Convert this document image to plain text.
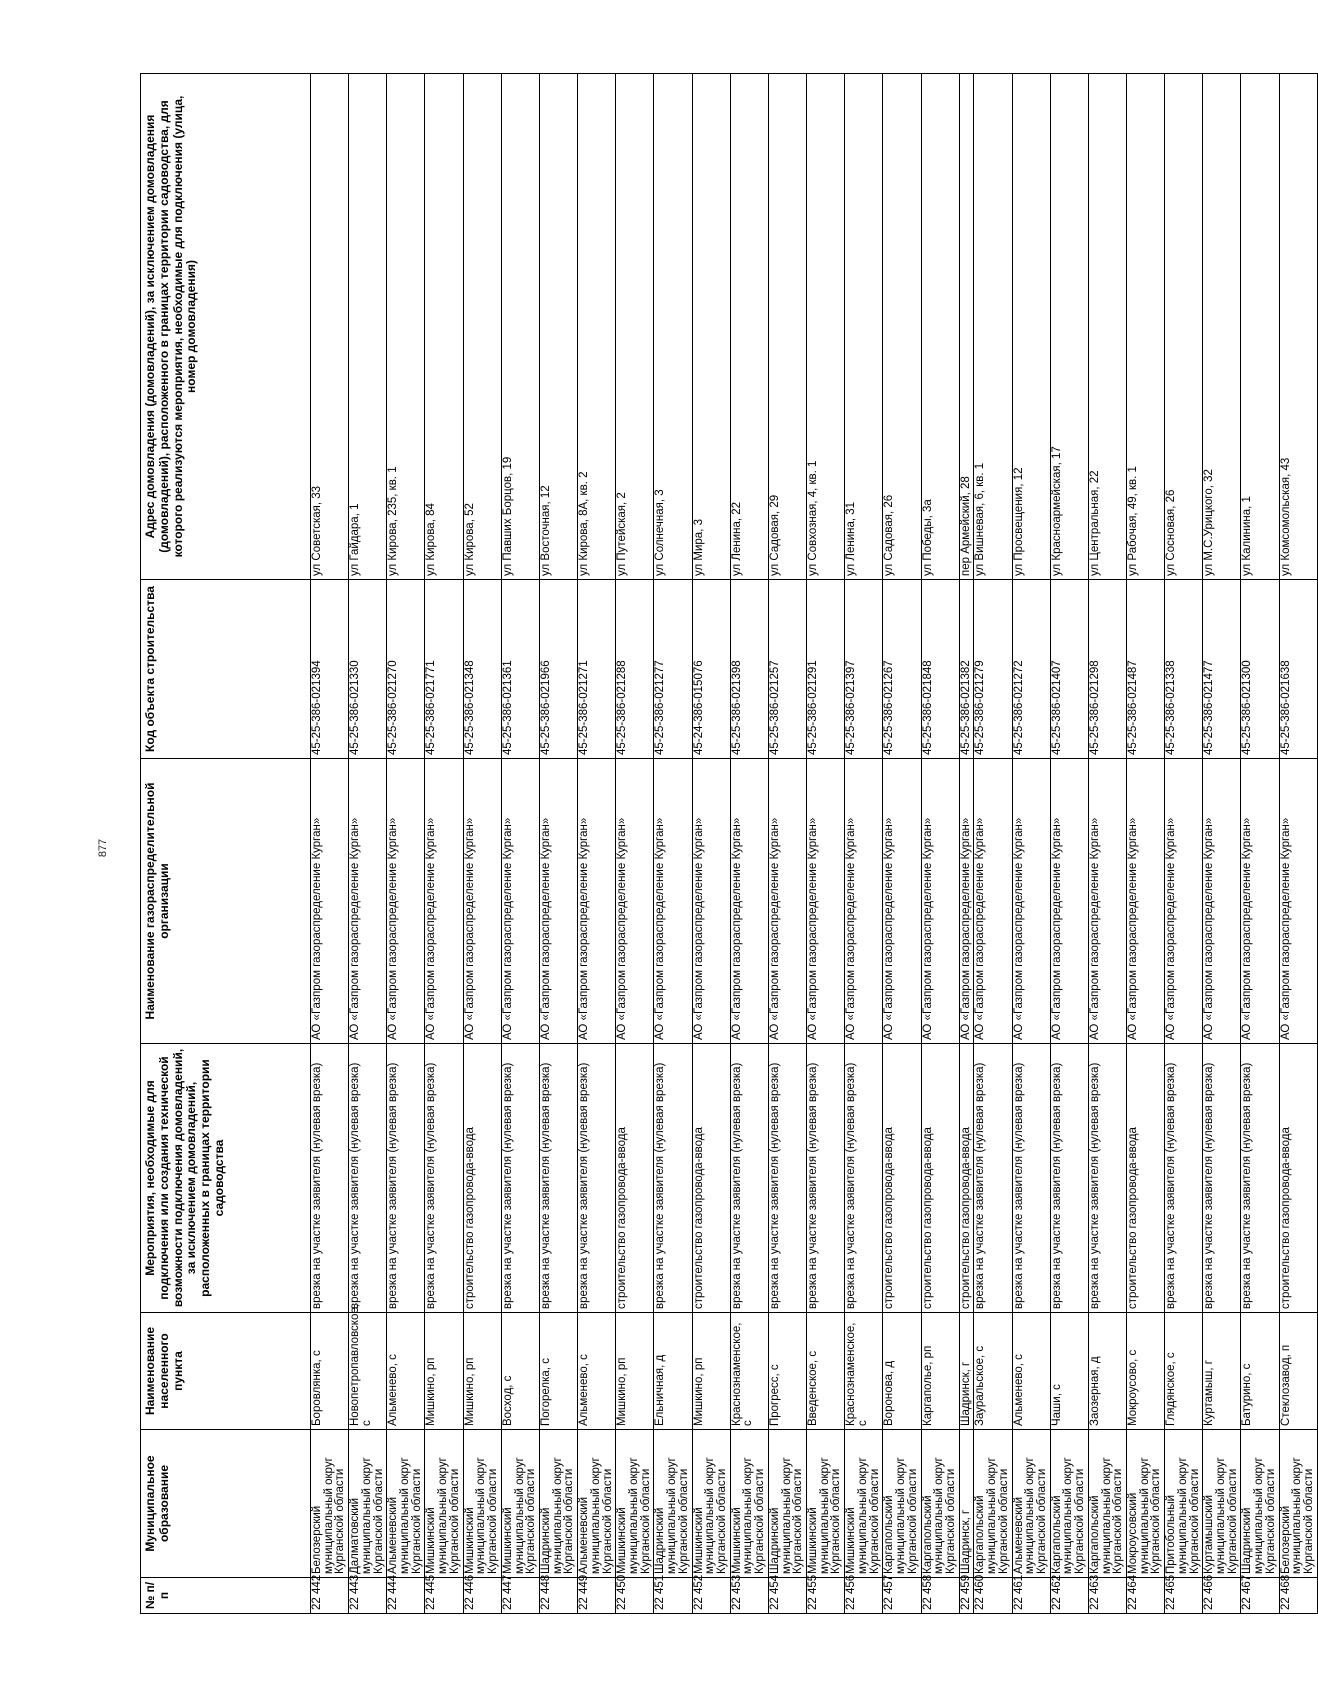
877
№ п/п	Муниципальное образование	Наименование населенного пункта	Мероприятия, необходимые для подключения или создания технической возможности подключения домовладений, за исключением домовладений, расположенных в границах территории садоводства	Наименование газораспределительной организации	Код объекта строительства	Адрес домовладения (домовладений), за исключением домовладения (домовладений), расположенного в границах территории садоводства, для которого реализуются мероприятия, необходимые для подключения (улица, номер домовладения)
22 442	Белозерский муниципальный округ Курганской области	Боровлянка, с	врезка на участке заявителя (нулевая врезка)	АО «Газпром газораспределение Курган»	45-25-386-021394	ул Советская, 33
22 443	Далматовский муниципальный округ Курганской области	Новопетропавловское, с	врезка на участке заявителя (нулевая врезка)	АО «Газпром газораспределение Курган»	45-25-386-021330	ул Гайдара, 1
22 444	Альменевский муниципальный округ Курганской области	Альменево, с	врезка на участке заявителя (нулевая врезка)	АО «Газпром газораспределение Курган»	45-25-386-021270	ул Кирова, 235, кв. 1
22 445	Мишкинский муниципальный округ Курганской области	Мишкино, рп	врезка на участке заявителя (нулевая врезка)	АО «Газпром газораспределение Курган»	45-25-386-021771	ул Кирова, 84
22 446	Мишкинский муниципальный округ Курганской области	Мишкино, рп	строительство газопровода-ввода	АО «Газпром газораспределение Курган»	45-25-386-021348	ул Кирова, 52
22 447	Мишкинский муниципальный округ Курганской области	Восход, с	врезка на участке заявителя (нулевая врезка)	АО «Газпром газораспределение Курган»	45-25-386-021361	ул Павших Борцов, 19
22 448	Шадринский муниципальный округ Курганской области	Погорелка, с	врезка на участке заявителя (нулевая врезка)	АО «Газпром газораспределение Курган»	45-25-386-021966	ул Восточная, 12
22 449	Альменевский муниципальный округ Курганской области	Альменево, с	врезка на участке заявителя (нулевая врезка)	АО «Газпром газораспределение Курган»	45-25-386-021271	ул Кирова, 8А, кв. 2
22 450	Мишкинский муниципальный округ Курганской области	Мишкино, рп	строительство газопровода-ввода	АО «Газпром газораспределение Курган»	45-25-386-021288	ул Путейская, 2
22 451	Шадринский муниципальный округ Курганской области	Ельничная, д	врезка на участке заявителя (нулевая врезка)	АО «Газпром газораспределение Курган»	45-25-386-021277	ул Солнечная, 3
22 452	Мишкинский муниципальный округ Курганской области	Мишкино, рп	строительство газопровода-ввода	АО «Газпром газораспределение Курган»	45-24-386-015076	ул Мира, 3
22 453	Мишкинский муниципальный округ Курганской области	Краснознаменское, с	врезка на участке заявителя (нулевая врезка)	АО «Газпром газораспределение Курган»	45-25-386-021398	ул Ленина, 22
22 454	Шадринский муниципальный округ Курганской области	Прогресс, с	врезка на участке заявителя (нулевая врезка)	АО «Газпром газораспределение Курган»	45-25-386-021257	ул Садовая, 29
22 455	Мишкинский муниципальный округ Курганской области	Введенское, с	врезка на участке заявителя (нулевая врезка)	АО «Газпром газораспределение Курган»	45-25-386-021291	ул Совхозная, 4, кв. 1
22 456	Мишкинский муниципальный округ Курганской области	Краснознаменское, с	врезка на участке заявителя (нулевая врезка)	АО «Газпром газораспределение Курган»	45-25-386-021397	ул Ленина, 31
22 457	Каргапольский муниципальный округ Курганской области	Воронова, д	строительство газопровода-ввода	АО «Газпром газораспределение Курган»	45-25-386-021267	ул Садовая, 26
22 458	Каргапольский муниципальный округ Курганской области	Каргаполье, рп	строительство газопровода-ввода	АО «Газпром газораспределение Курган»	45-25-386-021848	ул Победы, 3а
22 459	Шадринск, г	Шадринск, г	строительство газопровода-ввода	АО «Газпром газораспределение Курган»	45-25-386-021382	пер Армейский, 28
22 460	Каргапольский муниципальный округ Курганской области	Зауральское, с	врезка на участке заявителя (нулевая врезка)	АО «Газпром газораспределение Курган»	45-25-386-021279	ул Вишневая, 6, кв. 1
22 461	Альменевский муниципальный округ Курганской области	Альменево, с	врезка на участке заявителя (нулевая врезка)	АО «Газпром газораспределение Курган»	45-25-386-021272	ул Просвещения, 12
22 462	Каргапольский муниципальный округ Курганской области	Чаши, с	врезка на участке заявителя (нулевая врезка)	АО «Газпром газораспределение Курган»	45-25-386-021407	ул Красноармейская, 17
22 463	Каргапольский муниципальный округ Курганской области	Заозерная, д	врезка на участке заявителя (нулевая врезка)	АО «Газпром газораспределение Курган»	45-25-386-021298	ул Центральная, 22
22 464	Мокроусовский муниципальный округ Курганской области	Мокроусово, с	строительство газопровода-ввода	АО «Газпром газораспределение Курган»	45-25-386-021487	ул Рабочая, 49, кв. 1
22 465	Притобольный муниципальный округ Курганской области	Глядянское, с	врезка на участке заявителя (нулевая врезка)	АО «Газпром газораспределение Курган»	45-25-386-021338	ул Сосновая, 26
22 466	Куртамышский муниципальный округ Курганской области	Куртамыш, г	врезка на участке заявителя (нулевая врезка)	АО «Газпром газораспределение Курган»	45-25-386-021477	ул М.С.Урицкого, 32
22 467	Шадринский муниципальный округ Курганской области	Батурино, с	врезка на участке заявителя (нулевая врезка)	АО «Газпром газораспределение Курган»	45-25-386-021300	ул Калинина, 1
22 468	Белозерский муниципальный округ Курганской области	Стеклозавод, п	строительство газопровода-ввода	АО «Газпром газораспределение Курган»	45-25-386-021638	ул Комсомольская, 43
